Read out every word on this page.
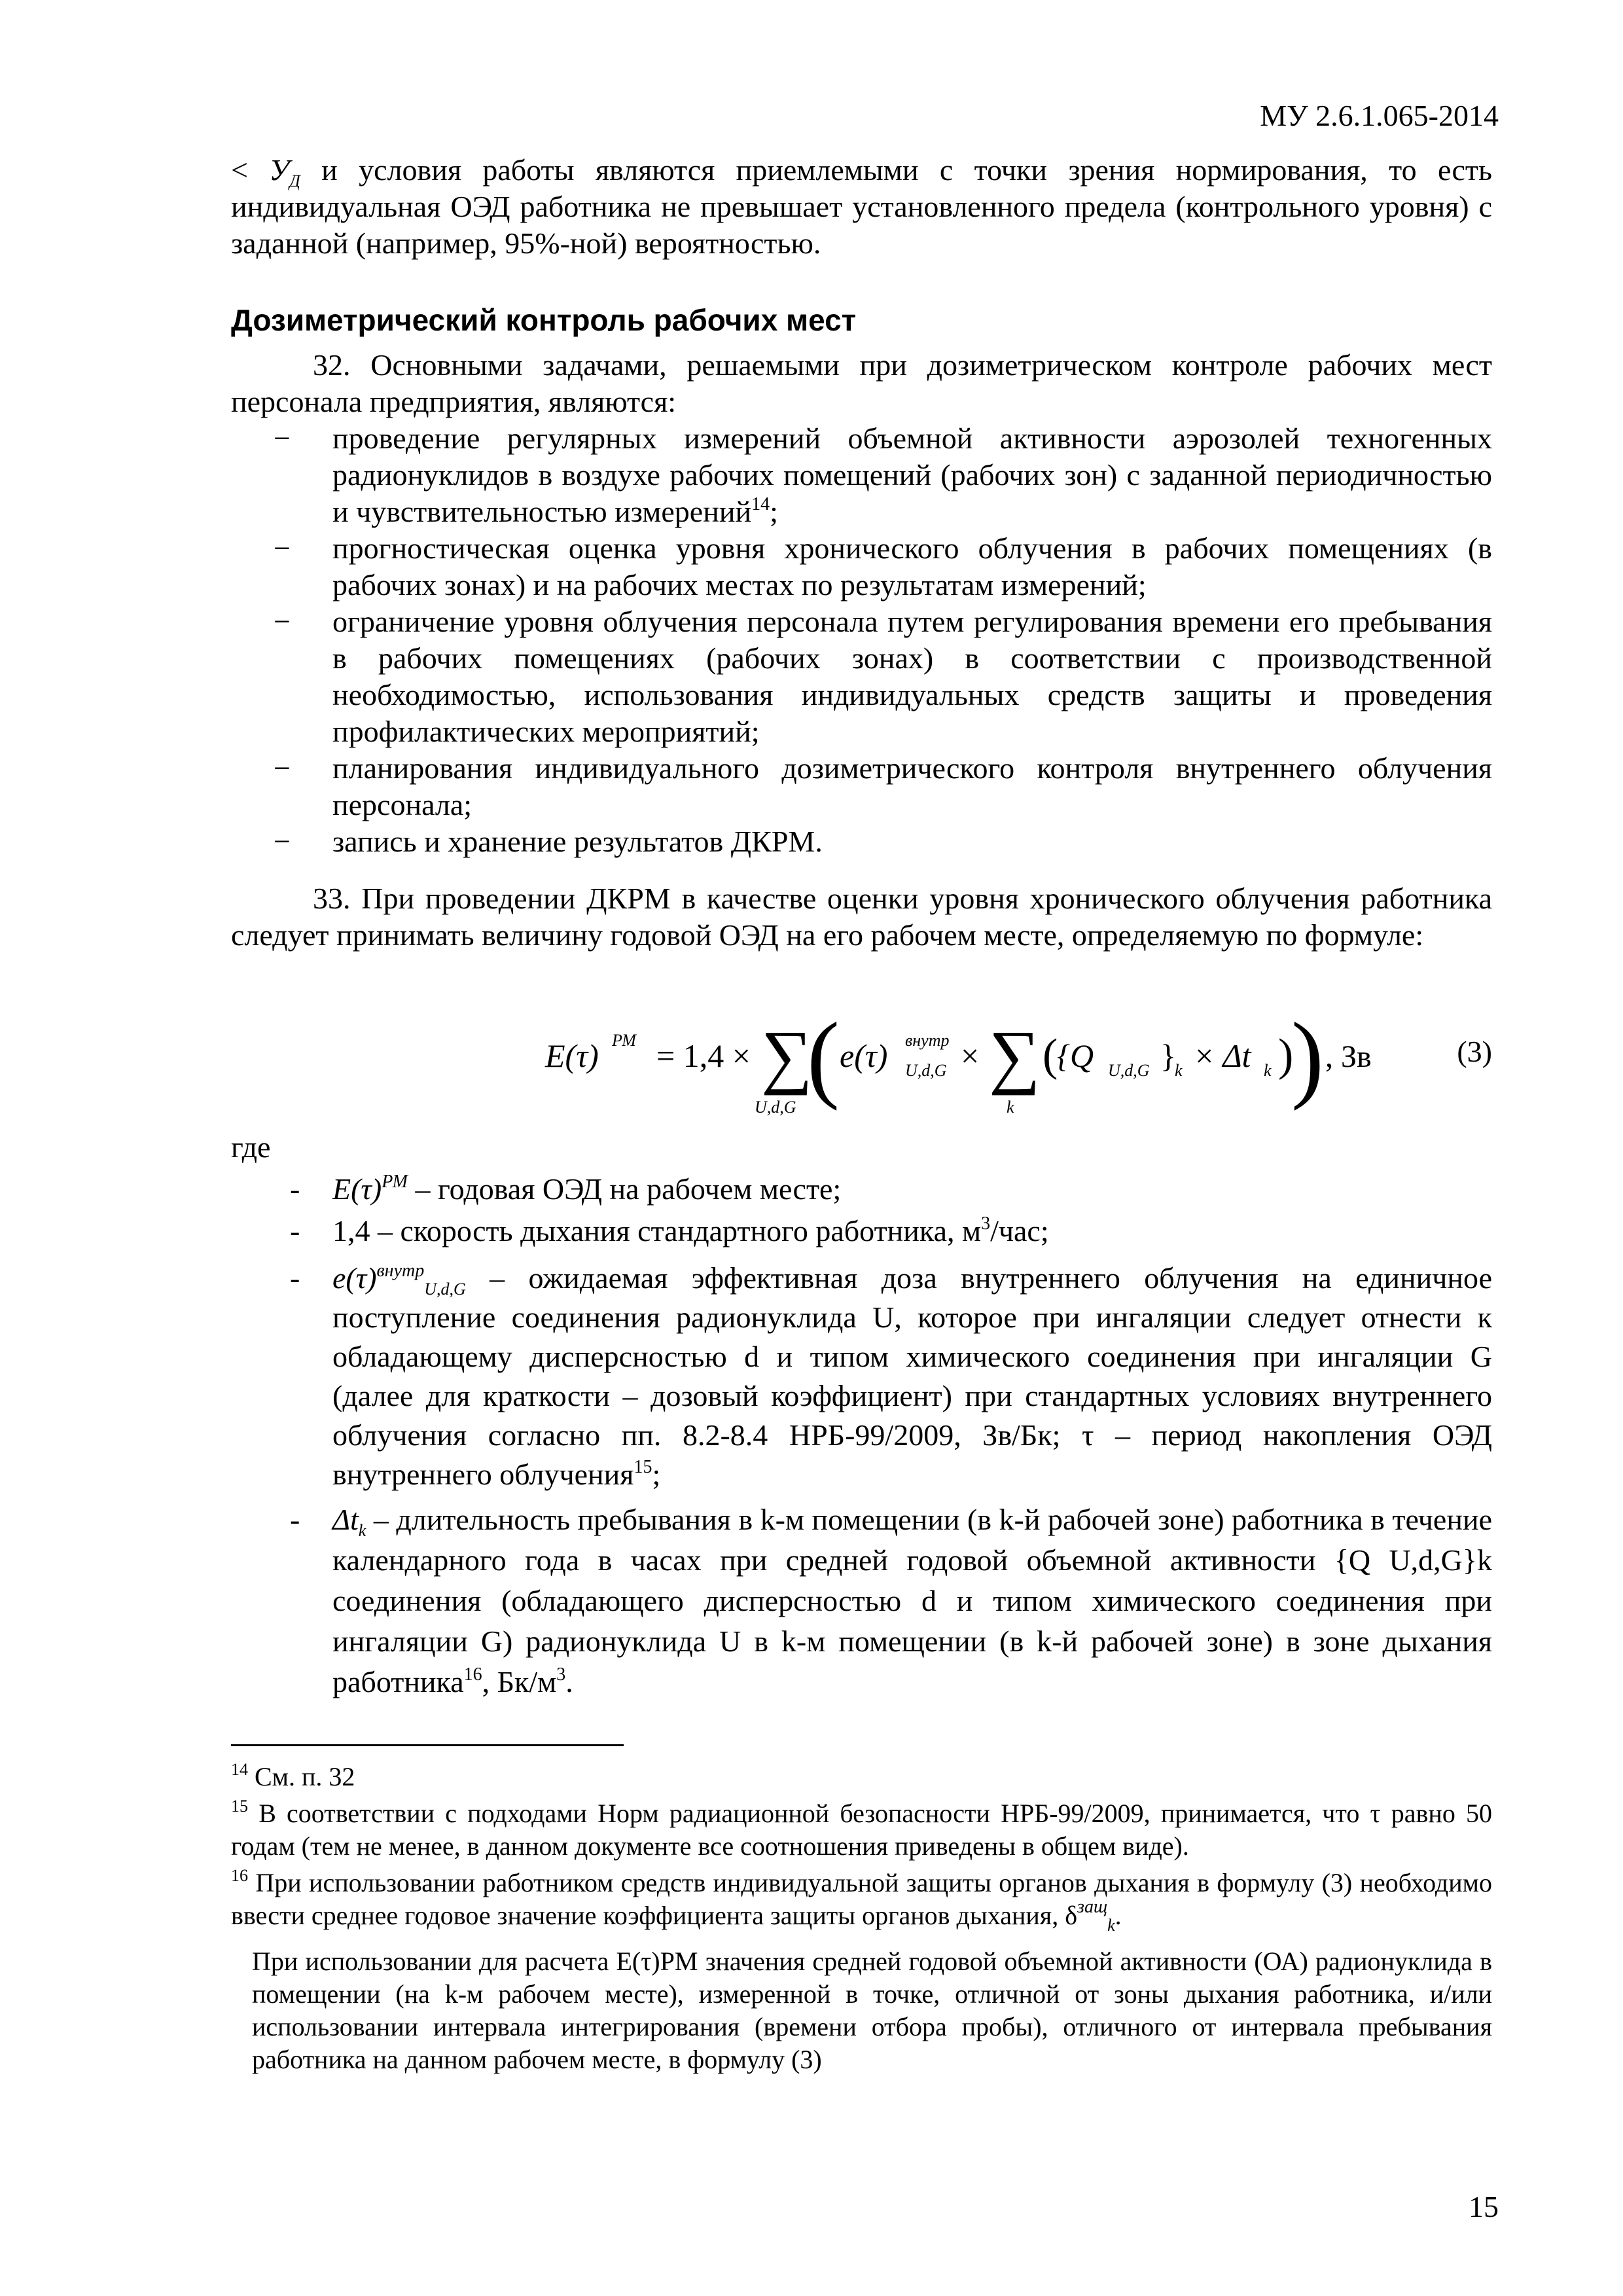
МУ 2.6.1.065-2014

< $У_Д$ и условия работы являются приемлемыми с точки зрения нормирования, то есть индивидуальная ОЭД работника не превышает установленного предела (контрольного уровня) с заданной (например, 95%-ной) вероятностью.

Дозиметрический контроль рабочих мест

32. Основными задачами, решаемыми при дозиметрическом контроле рабочих мест персонала предприятия, являются:

− проведение регулярных измерений объемной активности аэрозолей техногенных радионуклидов в воздухе рабочих помещений (рабочих зон) с заданной периодичностью и чувствительностью измерений$^{14}$;
− прогностическая оценка уровня хронического облучения в рабочих помещениях (в рабочих зонах) и на рабочих местах по результатам измерений;
− ограничение уровня облучения персонала путем регулирования времени его пребывания в рабочих помещениях (рабочих зонах) в соответствии с производственной необходимостью, использования индивидуальных средств защиты и проведения профилактических мероприятий;
− планирования индивидуального дозиметрического контроля внутреннего облучения персонала;
− запись и хранение результатов ДКРМ.

33. При проведении ДКРМ в качестве оценки уровня хронического облучения работника следует принимать величину годовой ОЭД на его рабочем месте, определяемую по формуле:

E(τ) РМ = 1,4 × ∑
U,d,G ( e(τ) внутр
U,d,G × ∑
k
(
{Q U,d,G }
k × Δt k )
) , Зв	(3)

где

- $E(\tau)^{РМ}$ – годовая ОЭД на рабочем месте;
- 1,4 – скорость дыхания стандартного работника, $м^3$/час;
- $e(\tau)^{внутр}_{U,d,G}$ – ожидаемая эффективная доза внутреннего облучения на единичное поступление соединения радионуклида U, которое при ингаляции следует отнести к обладающему дисперсностью d и типом химического соединения при ингаляции G (далее для краткости – дозовый коэффициент) при стандартных условиях внутреннего облучения согласно пп. 8.2-8.4 НРБ-99/2009, Зв/Бк; τ – период накопления ОЭД внутреннего облучения$^{15}$;
- $\Delta t_k$ – длительность пребывания в k-м помещении (в k-й рабочей зоне) работника в течение календарного года в часах при средней годовой объемной активности {Q U,d,G}k соединения (обладающего дисперсностью d и типом химического соединения при ингаляции G) радионуклида U в k-м помещении (в k-й рабочей зоне) в зоне дыхания работника$^{16}$, $Бк/м^3$.

$^{14}$ См. п. 32

$^{15}$ В соответствии с подходами Норм радиационной безопасности НРБ-99/2009, принимается, что τ равно 50 годам (тем не менее, в данном документе все соотношения приведены в общем виде).

$^{16}$ При использовании работником средств индивидуальной защиты органов дыхания в формулу (3) необходимо ввести среднее годовое значение коэффициента защиты органов дыхания, $\delta^{защ}_k$.

При использовании для расчета E(τ)РМ значения средней годовой объемной активности (ОА) радионуклида в помещении (на k-м рабочем месте), измеренной в точке, отличной от зоны дыхания работника, и/или использовании интервала интегрирования (времени отбора пробы), отличного от интервала пребывания работника на данном рабочем месте, в формулу (3)

15
